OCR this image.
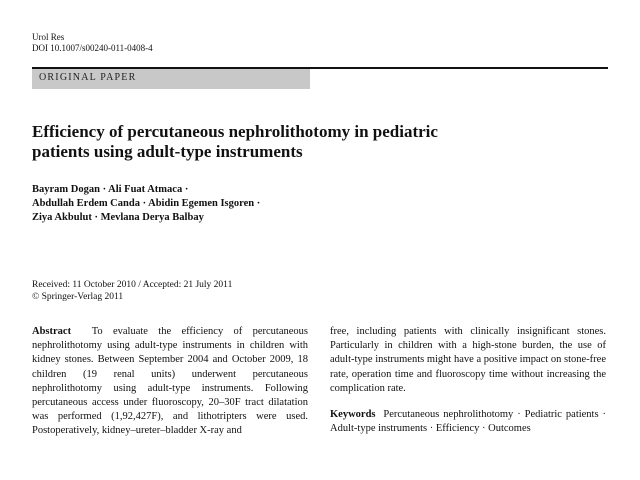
Urol Res
DOI 10.1007/s00240-011-0408-4
ORIGINAL PAPER
Efficiency of percutaneous nephrolithotomy in pediatric
patients using adult-type instruments
Bayram Dogan · Ali Fuat Atmaca ·
Abdullah Erdem Canda · Abidin Egemen Isgoren ·
Ziya Akbulut · Mevlana Derya Balbay
Received: 11 October 2010 / Accepted: 21 July 2011
© Springer-Verlag 2011
Abstract To evaluate the efficiency of percutaneous nephrolithotomy using adult-type instruments in children with kidney stones. Between September 2004 and October 2009, 18 children (19 renal units) underwent percutaneous nephrolithotomy using adult-type instruments. Following percutaneous access under fluoroscopy, 20–30F tract dilatation was performed (1,92,427F), and lithotripters were used. Postoperatively, kidney–ureter–bladder X-ray and
free, including patients with clinically insignificant stones. Particularly in children with a high-stone burden, the use of adult-type instruments might have a positive impact on stone-free rate, operation time and fluoroscopy time without increasing the complication rate.
Keywords Percutaneous nephrolithotomy · Pediatric patients · Adult-type instruments · Efficiency · Outcomes
